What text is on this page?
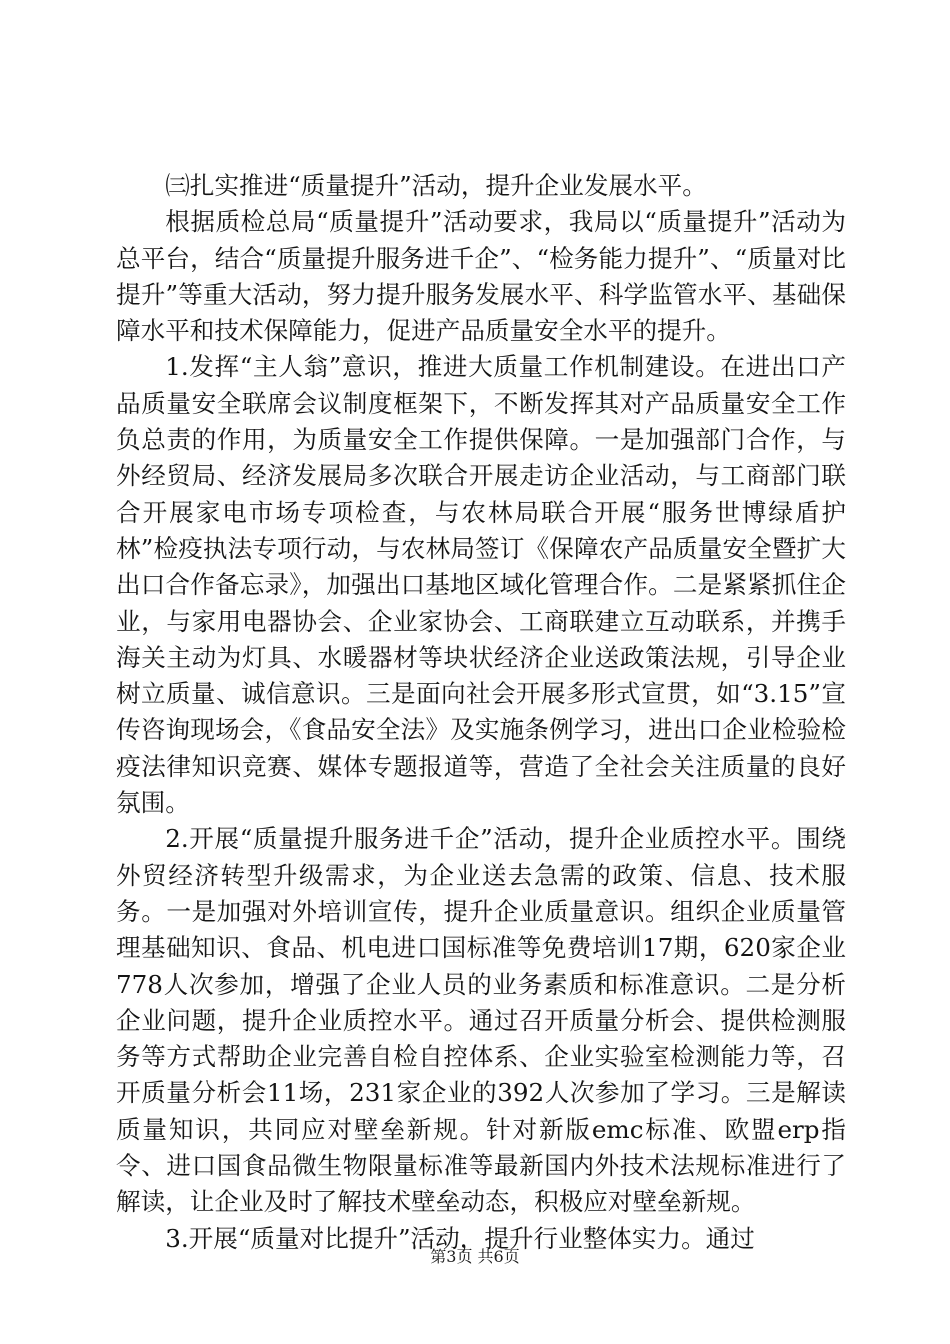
㈢扎实推进“质量提升”活动，提升企业发展水平。

根据质检总局“质量提升”活动要求，我局以“质量提升”活动为总平台，结合“质量提升服务进千企”、“检务能力提升”、“质量对比提升”等重大活动，努力提升服务发展水平、科学监管水平、基础保障水平和技术保障能力，促进产品质量安全水平的提升。

1.发挥“主人翁”意识，推进大质量工作机制建设。在进出口产品质量安全联席会议制度框架下，不断发挥其对产品质量安全工作负总责的作用，为质量安全工作提供保障。一是加强部门合作，与外经贸局、经济发展局多次联合开展走访企业活动，与工商部门联合开展家电市场专项检查，与农林局联合开展“服务世博绿盾护林”检疫执法专项行动，与农林局签订《保障农产品质量安全暨扩大出口合作备忘录》，加强出口基地区域化管理合作。二是紧紧抓住企业，与家用电器协会、企业家协会、工商联建立互动联系，并携手海关主动为灯具、水暖器材等块状经济企业送政策法规，引导企业树立质量、诚信意识。三是面向社会开展多形式宣贯，如“3.15”宣传咨询现场会，《食品安全法》及实施条例学习，进出口企业检验检疫法律知识竞赛、媒体专题报道等，营造了全社会关注质量的良好氛围。

2.开展“质量提升服务进千企”活动，提升企业质控水平。围绕外贸经济转型升级需求，为企业送去急需的政策、信息、技术服务。一是加强对外培训宣传，提升企业质量意识。组织企业质量管理基础知识、食品、机电进口国标准等免费培训17期，620家企业778人次参加，增强了企业人员的业务素质和标准意识。二是分析企业问题，提升企业质控水平。通过召开质量分析会、提供检测服务等方式帮助企业完善自检自控体系、企业实验室检测能力等，召开质量分析会11场，231家企业的392人次参加了学习。三是解读质量知识，共同应对壁垒新规。针对新版emc标准、欧盟erp指令、进口国食品微生物限量标准等最新国内外技术法规标准进行了解读，让企业及时了解技术壁垒动态，积极应对壁垒新规。

3.开展“质量对比提升”活动，提升行业整体实力。通过

第3页 共6页
